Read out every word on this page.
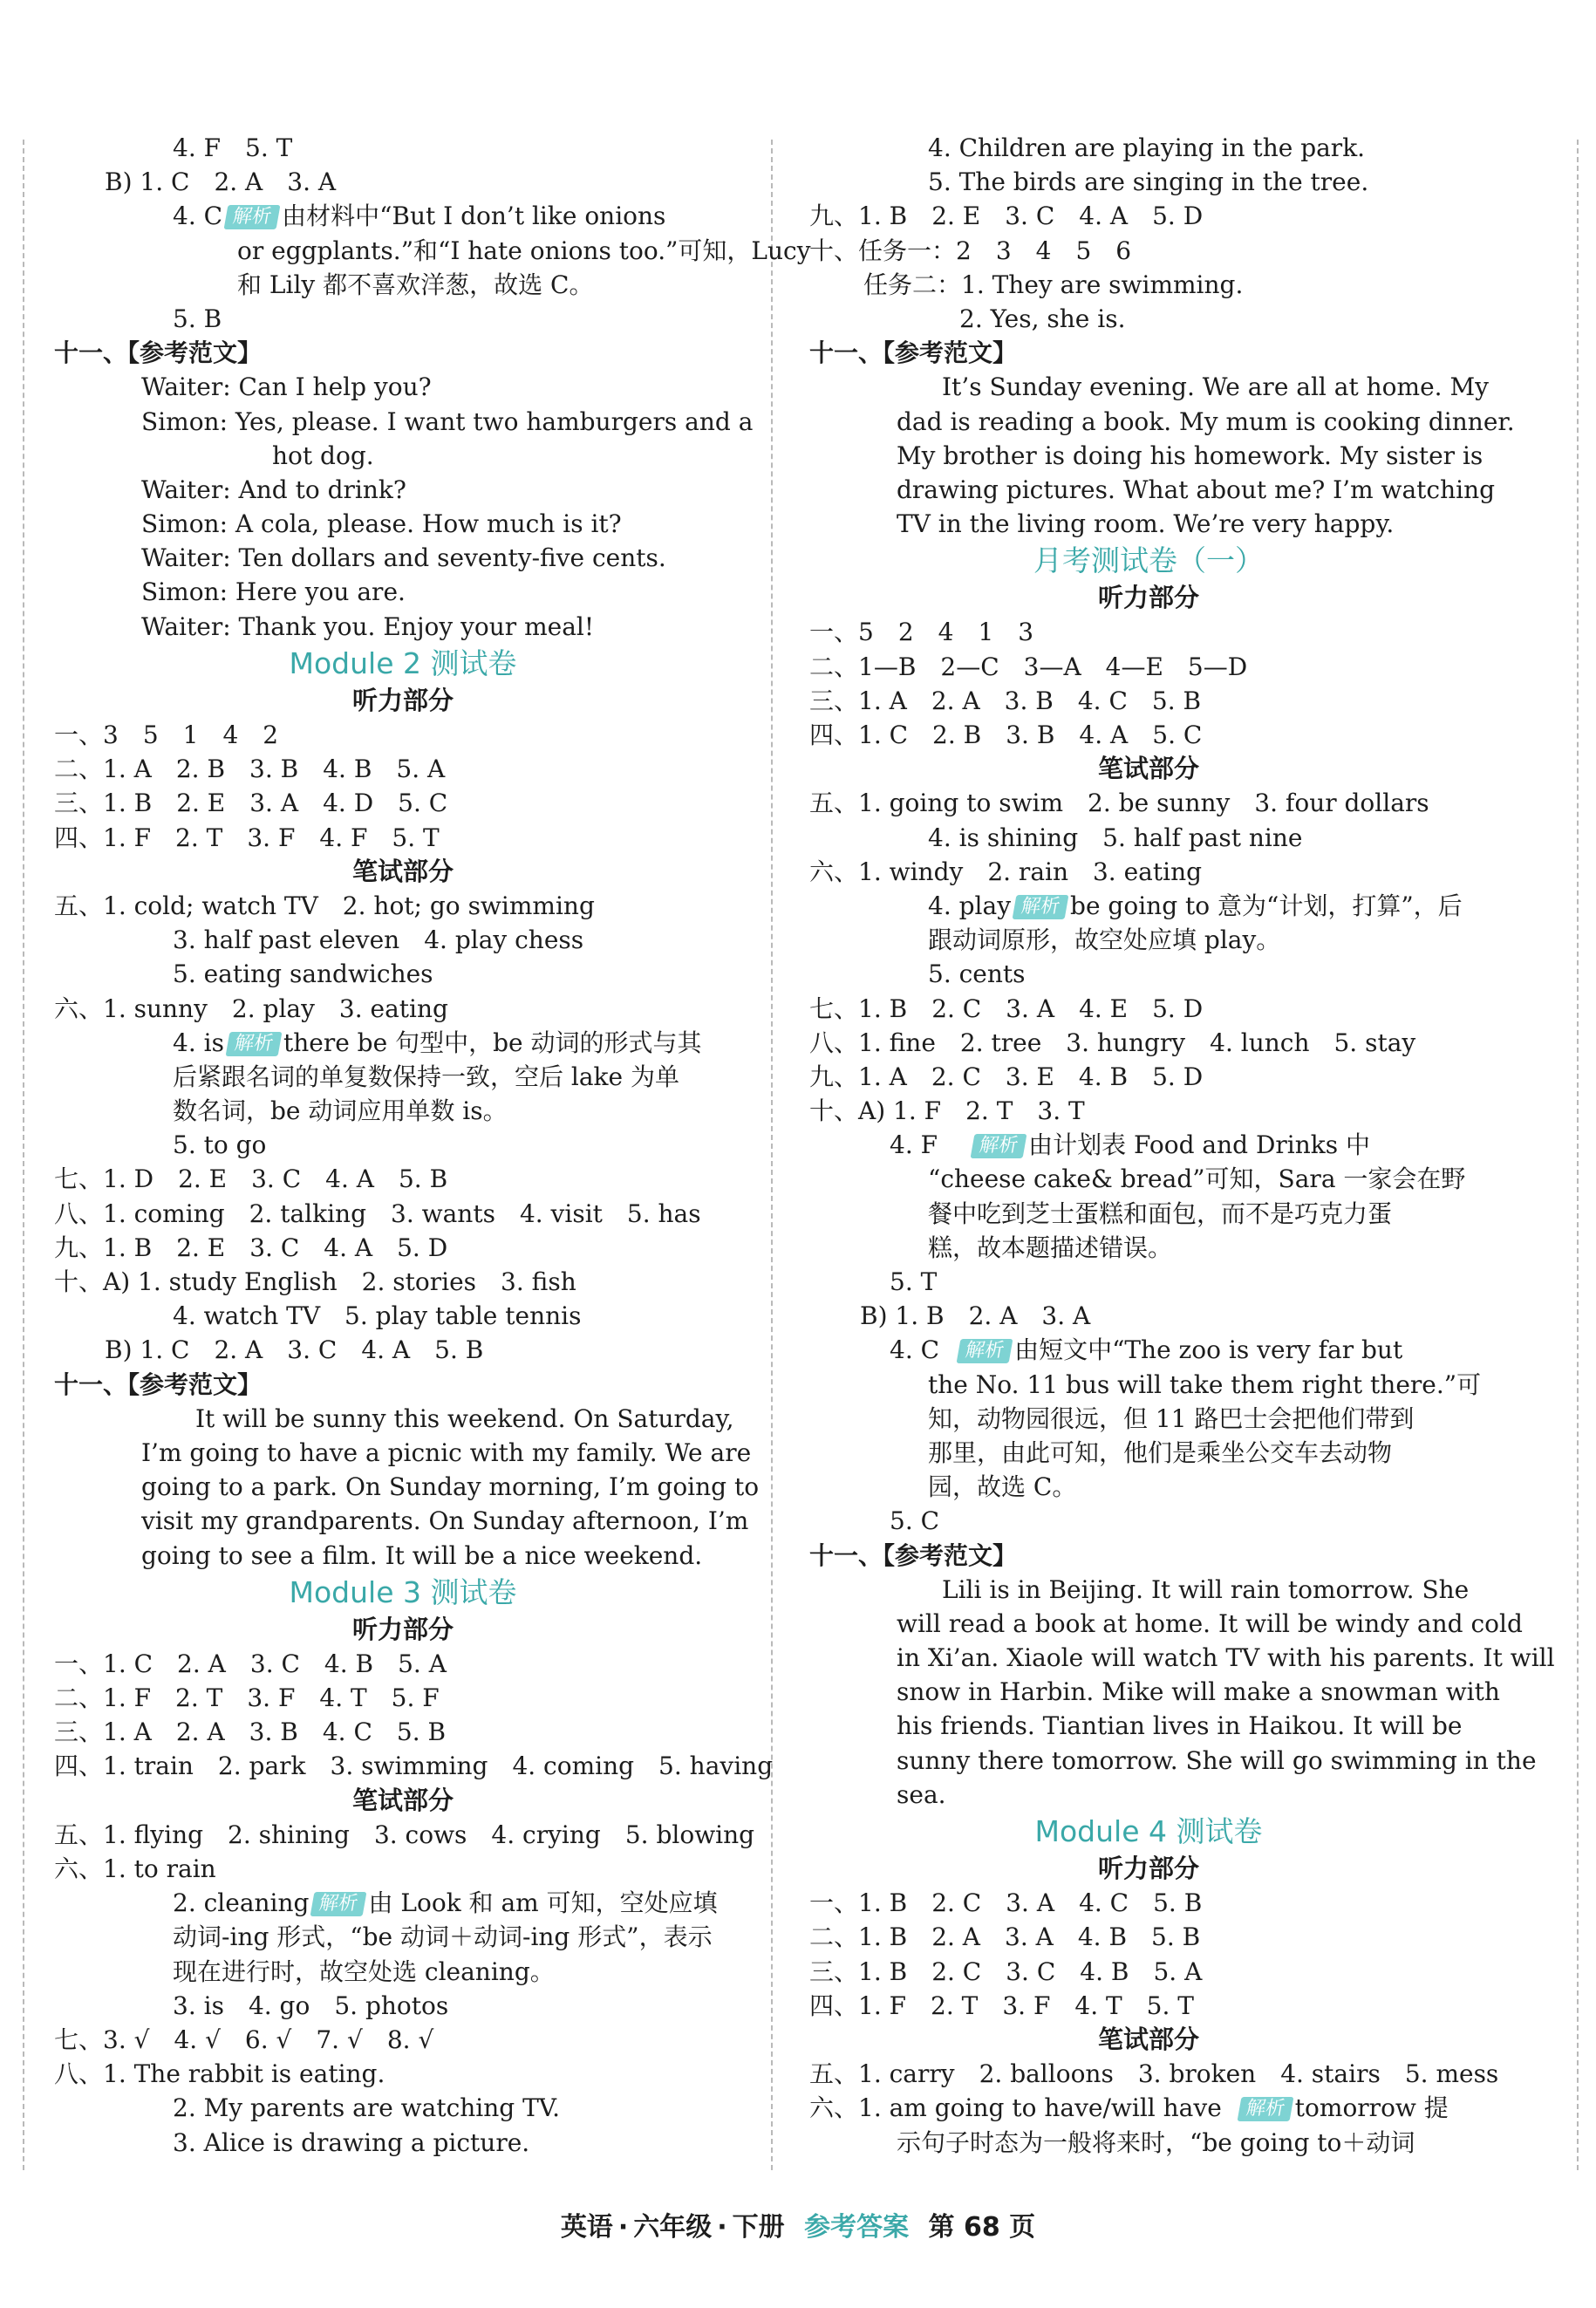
4. F　5. T
B) 1. C　2. A　3. A
4. C 解析 由材料中“But I don’t like onions
or eggplants.”和“I hate onions too.”可知，Lucy
和 Lily 都不喜欢洋葱，故选 C。
5. B
十一、【参考范文】
Waiter: Can I help you?
Simon: Yes, please. I want two hamburgers and a
hot dog.
Waiter: And to drink?
Simon: A cola, please. How much is it?
Waiter: Ten dollars and seventy-five cents.
Simon: Here you are.
Waiter: Thank you. Enjoy your meal!
Module 2 测试卷
听力部分
一、3　5　1　4　2
二、1. A　2. B　3. B　4. B　5. A
三、1. B　2. E　3. A　4. D　5. C
四、1. F　2. T　3. F　4. F　5. T
笔试部分
五、1. cold; watch TV　2. hot; go swimming
3. half past eleven　4. play chess
5. eating sandwiches
六、1. sunny　2. play　3. eating
4. is 解析 there be 句型中，be 动词的形式与其
后紧跟名词的单复数保持一致，空后 lake 为单
数名词，be 动词应用单数 is。
5. to go
七、1. D　2. E　3. C　4. A　5. B
八、1. coming　2. talking　3. wants　4. visit　5. has
九、1. B　2. E　3. C　4. A　5. D
十、A) 1. study English　2. stories　3. fish
4. watch TV　5. play table tennis
B) 1. C　2. A　3. C　4. A　5. B
十一、【参考范文】
It will be sunny this weekend. On Saturday,
I’m going to have a picnic with my family. We are
going to a park. On Sunday morning, I’m going to
visit my grandparents. On Sunday afternoon, I’m
going to see a film. It will be a nice weekend.
Module 3 测试卷
听力部分
一、1. C　2. A　3. C　4. B　5. A
二、1. F　2. T　3. F　4. T　5. F
三、1. A　2. A　3. B　4. C　5. B
四、1. train　2. park　3. swimming　4. coming　5. having
笔试部分
五、1. flying　2. shining　3. cows　4. crying　5. blowing
六、1. to rain
2. cleaning 解析 由 Look 和 am 可知，空处应填
动词-ing 形式，“be 动词＋动词-ing 形式”，表示
现在进行时，故空处选 cleaning。
3. is　4. go　5. photos
七、3. √　4. √　6. √　7. √　8. √
八、1. The rabbit is eating.
2. My parents are watching TV.
3. Alice is drawing a picture.
4. Children are playing in the park.
5. The birds are singing in the tree.
九、1. B　2. E　3. C　4. A　5. D
十、任务一：2　3　4　5　6
任务二：1. They are swimming.
2. Yes, she is.
十一、【参考范文】
It’s Sunday evening. We are all at home. My
dad is reading a book. My mum is cooking dinner.
My brother is doing his homework. My sister is
drawing pictures. What about me? I’m watching
TV in the living room. We’re very happy.
月考测试卷（一）
听力部分
一、5　2　4　1　3
二、1—B　2—C　3—A　4—E　5—D
三、1. A　2. A　3. B　4. C　5. B
四、1. C　2. B　3. B　4. A　5. C
笔试部分
五、1. going to swim　2. be sunny　3. four dollars
4. is shining　5. half past nine
六、1. windy　2. rain　3. eating
4. play 解析 be going to 意为“计划，打算”，后
跟动词原形，故空处应填 play。
5. cents
七、1. B　2. C　3. A　4. E　5. D
八、1. fine　2. tree　3. hungry　4. lunch　5. stay
九、1. A　2. C　3. E　4. B　5. D
十、A) 1. F　2. T　3. T
4. F 解析 由计划表 Food and Drinks 中
“cheese cake& bread”可知，Sara 一家会在野
餐中吃到芝士蛋糕和面包，而不是巧克力蛋
糕，故本题描述错误。
5. T
B) 1. B　2. A　3. A
4. C 解析 由短文中“The zoo is very far but
the No. 11 bus will take them right there.”可
知，动物园很远，但 11 路巴士会把他们带到
那里，由此可知，他们是乘坐公交车去动物
园，故选 C。
5. C
十一、【参考范文】
Lili is in Beijing. It will rain tomorrow. She
will read a book at home. It will be windy and cold
in Xi’an. Xiaole will watch TV with his parents. It will
snow in Harbin. Mike will make a snowman with
his friends. Tiantian lives in Haikou. It will be
sunny there tomorrow. She will go swimming in the
sea.
Module 4 测试卷
听力部分
一、1. B　2. C　3. A　4. C　5. B
二、1. B　2. A　3. A　4. B　5. B
三、1. B　2. C　3. C　4. B　5. A
四、1. F　2. T　3. F　4. T　5. T
笔试部分
五、1. carry　2. balloons　3. broken　4. stairs　5. mess
六、1. am going to have/will have 解析 tomorrow 提
示句子时态为一般将来时，“be going to＋动词
英语 · 六年级 · 下册 参考答案 第 68 页
